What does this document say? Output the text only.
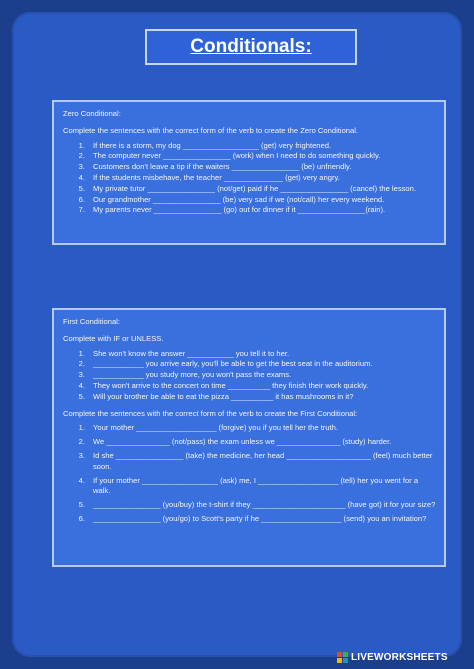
Conditionals:
Zero Conditional:
Complete the sentences with the correct form of the verb to create the Zero Conditional.
1.	If there is a storm, my dog __________________ (get) very frightened.
2.	The computer never ________________ (work) when I need to do something quickly.
3.	Customers don't leave a tip if the waiters ________________ (be) unfriendly.
4.	If the students misbehave, the teacher ______________ (get) very angry.
5.	My private tutor ________________ (not/get) paid if he ________________ (cancel) the lesson.
6.	Our grandmother ________________ (be) very sad if we (not/call) her every weekend.
7.	My parents never ________________ (go) out for dinner if it ________________(rain).
First Conditional:
Complete with IF or UNLESS.
1.	She won't know the answer ___________ you tell it to her.
2.	____________ you arrive early, you'll be able to get the best seat in the auditorium.
3.	____________ you study more, you won't pass the exams.
4.	They won't arrive to the concert on time __________ they finish their work quickly.
5.	Will your brother be able to eat the pizza __________ it has mushrooms in it?
Complete the sentences with the correct form of the verb to create the First Conditional:
1.	Your mother ___________________ (forgive) you if you tell her the truth.
2.	We _______________ (not/pass) the exam unless we _______________ (study) harder.
3.	Id she ________________ (take) the medicine, her head ____________________ (feel) much better soon.
4.	If your mother __________________ (ask) me, I ___________________ (tell) her you went for a walk.
5.	________________ (you/buy) the t-shirt if they ______________________ (have got) it for your size?
6.	________________ (you/go) to Scott's party if he ___________________ (send) you an invitation?
LIVEWORKSHEETS
